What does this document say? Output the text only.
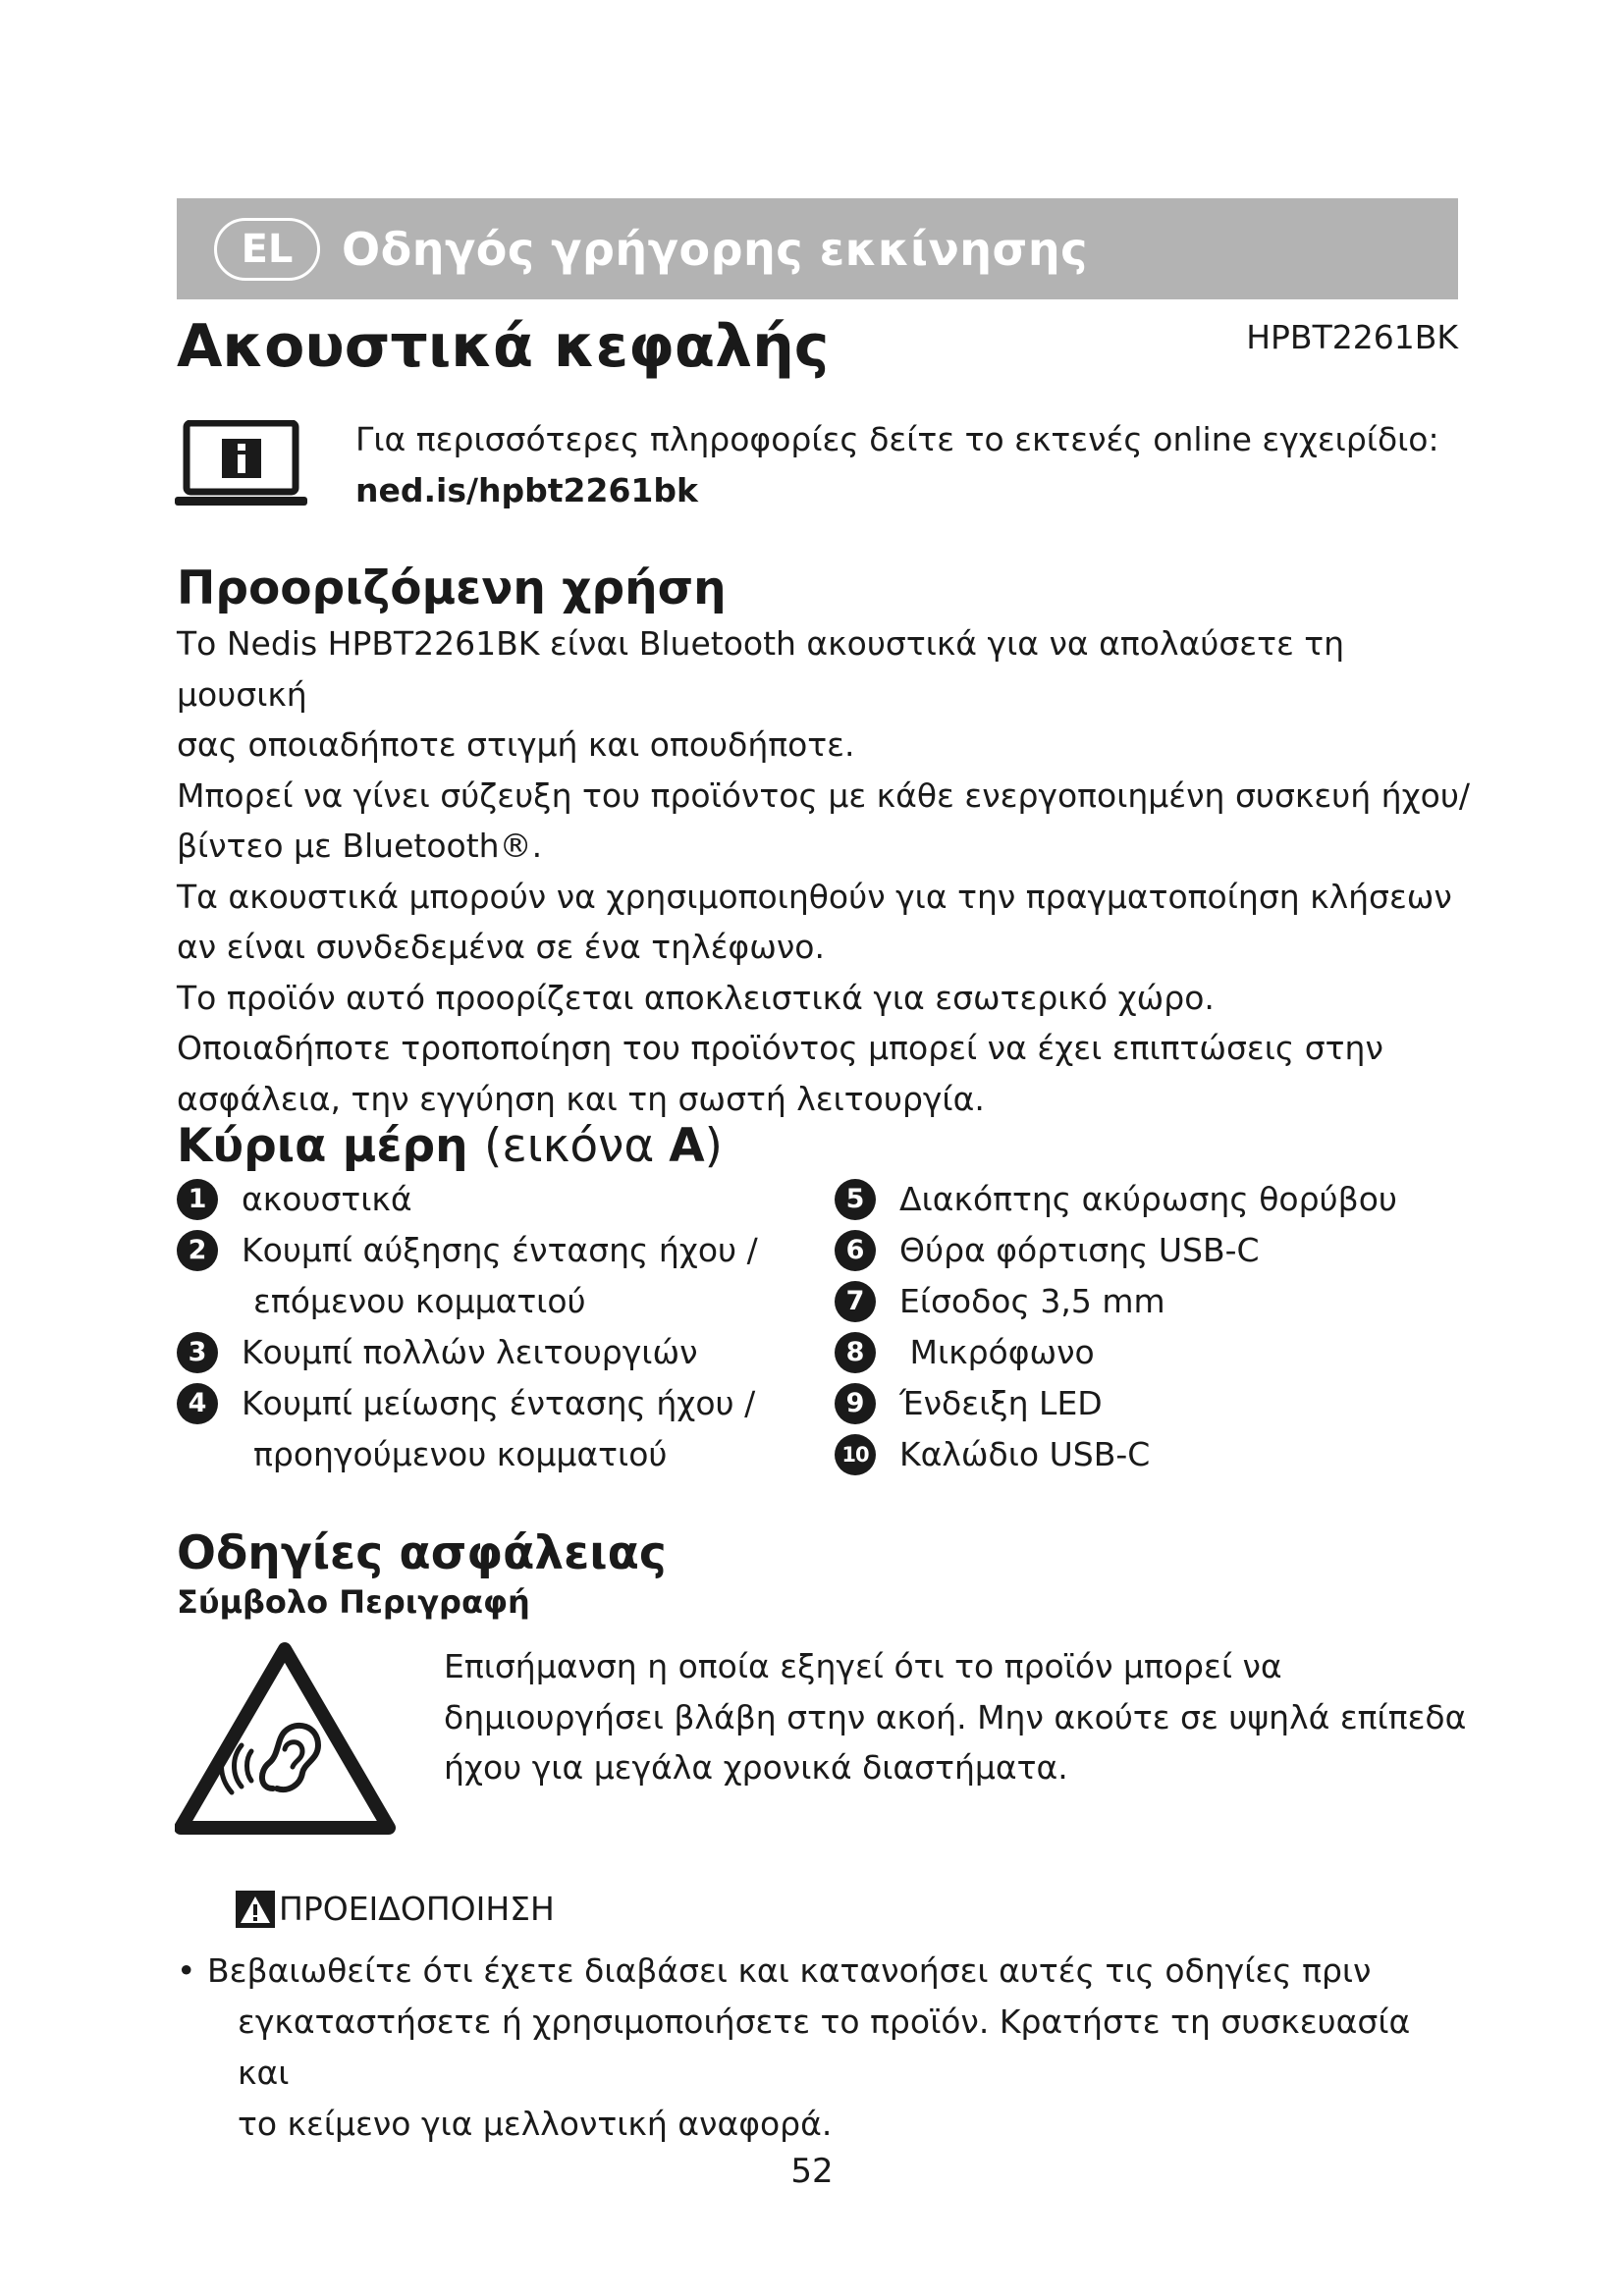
EL	Οδηγός γρήγορης εκκίνησης
Ακουστικά κεφαλής	HPBT2261BK
Για περισσότερες πληροφορίες δείτε το εκτενές online εγχειρίδιο:
ned.is/hpbt2261bk
Προοριζόμενη χρήση

Το Nedis HPBT2261BK είναι Bluetooth ακουστικά για να απολαύσετε τη μουσική

σας οποιαδήποτε στιγμή και οπουδήποτε.

Μπορεί να γίνει σύζευξη του προϊόντος με κάθε ενεργοποιημένη συσκευή ήχου/

βίντεο με Bluetooth®.

Τα ακουστικά μπορούν να χρησιμοποιηθούν για την πραγματοποίηση κλήσεων

αν είναι συνδεδεμένα σε ένα τηλέφωνο.

Το προϊόν αυτό προορίζεται αποκλειστικά για εσωτερικό χώρο.

Οποιαδήποτε τροποποίηση του προϊόντος μπορεί να έχει επιπτώσεις στην

ασφάλεια, την εγγύηση και τη σωστή λειτουργία.

Κύρια μέρη (εικόνα A)
1	ακουστικά
2	Κουμπί αύξησης έντασης ήχου /
επόμενου κομματιού
3	Κουμπί πολλών λειτουργιών
4	Κουμπί μείωσης έντασης ήχου /
προηγούμενου κομματιού
5	Διακόπτης ακύρωσης θορύβου
6	Θύρα φόρτισης USB-C
7	Είσοδος 3,5 mm
8	Μικρόφωνο
9	Ένδειξη LED
10 Καλώδιο USB-C
Οδηγίες ασφάλειας
Σύμβολο Περιγραφή
Επισήμανση η οποία εξηγεί ότι το προϊόν μπορεί να
δημιουργήσει βλάβη στην ακοή. Μην ακούτε σε υψηλά επίπεδα
ήχου για μεγάλα χρονικά διαστήματα.
ΠΡΟΕΙΔΟΠΟΙΗΣΗ
• Βεβαιωθείτε ότι έχετε διαβάσει και κατανοήσει αυτές τις οδηγίες πριν
εγκαταστήσετε ή χρησιμοποιήσετε το προϊόν. Κρατήστε τη συσκευασία και
το κείμενο για μελλοντική αναφορά.
52
